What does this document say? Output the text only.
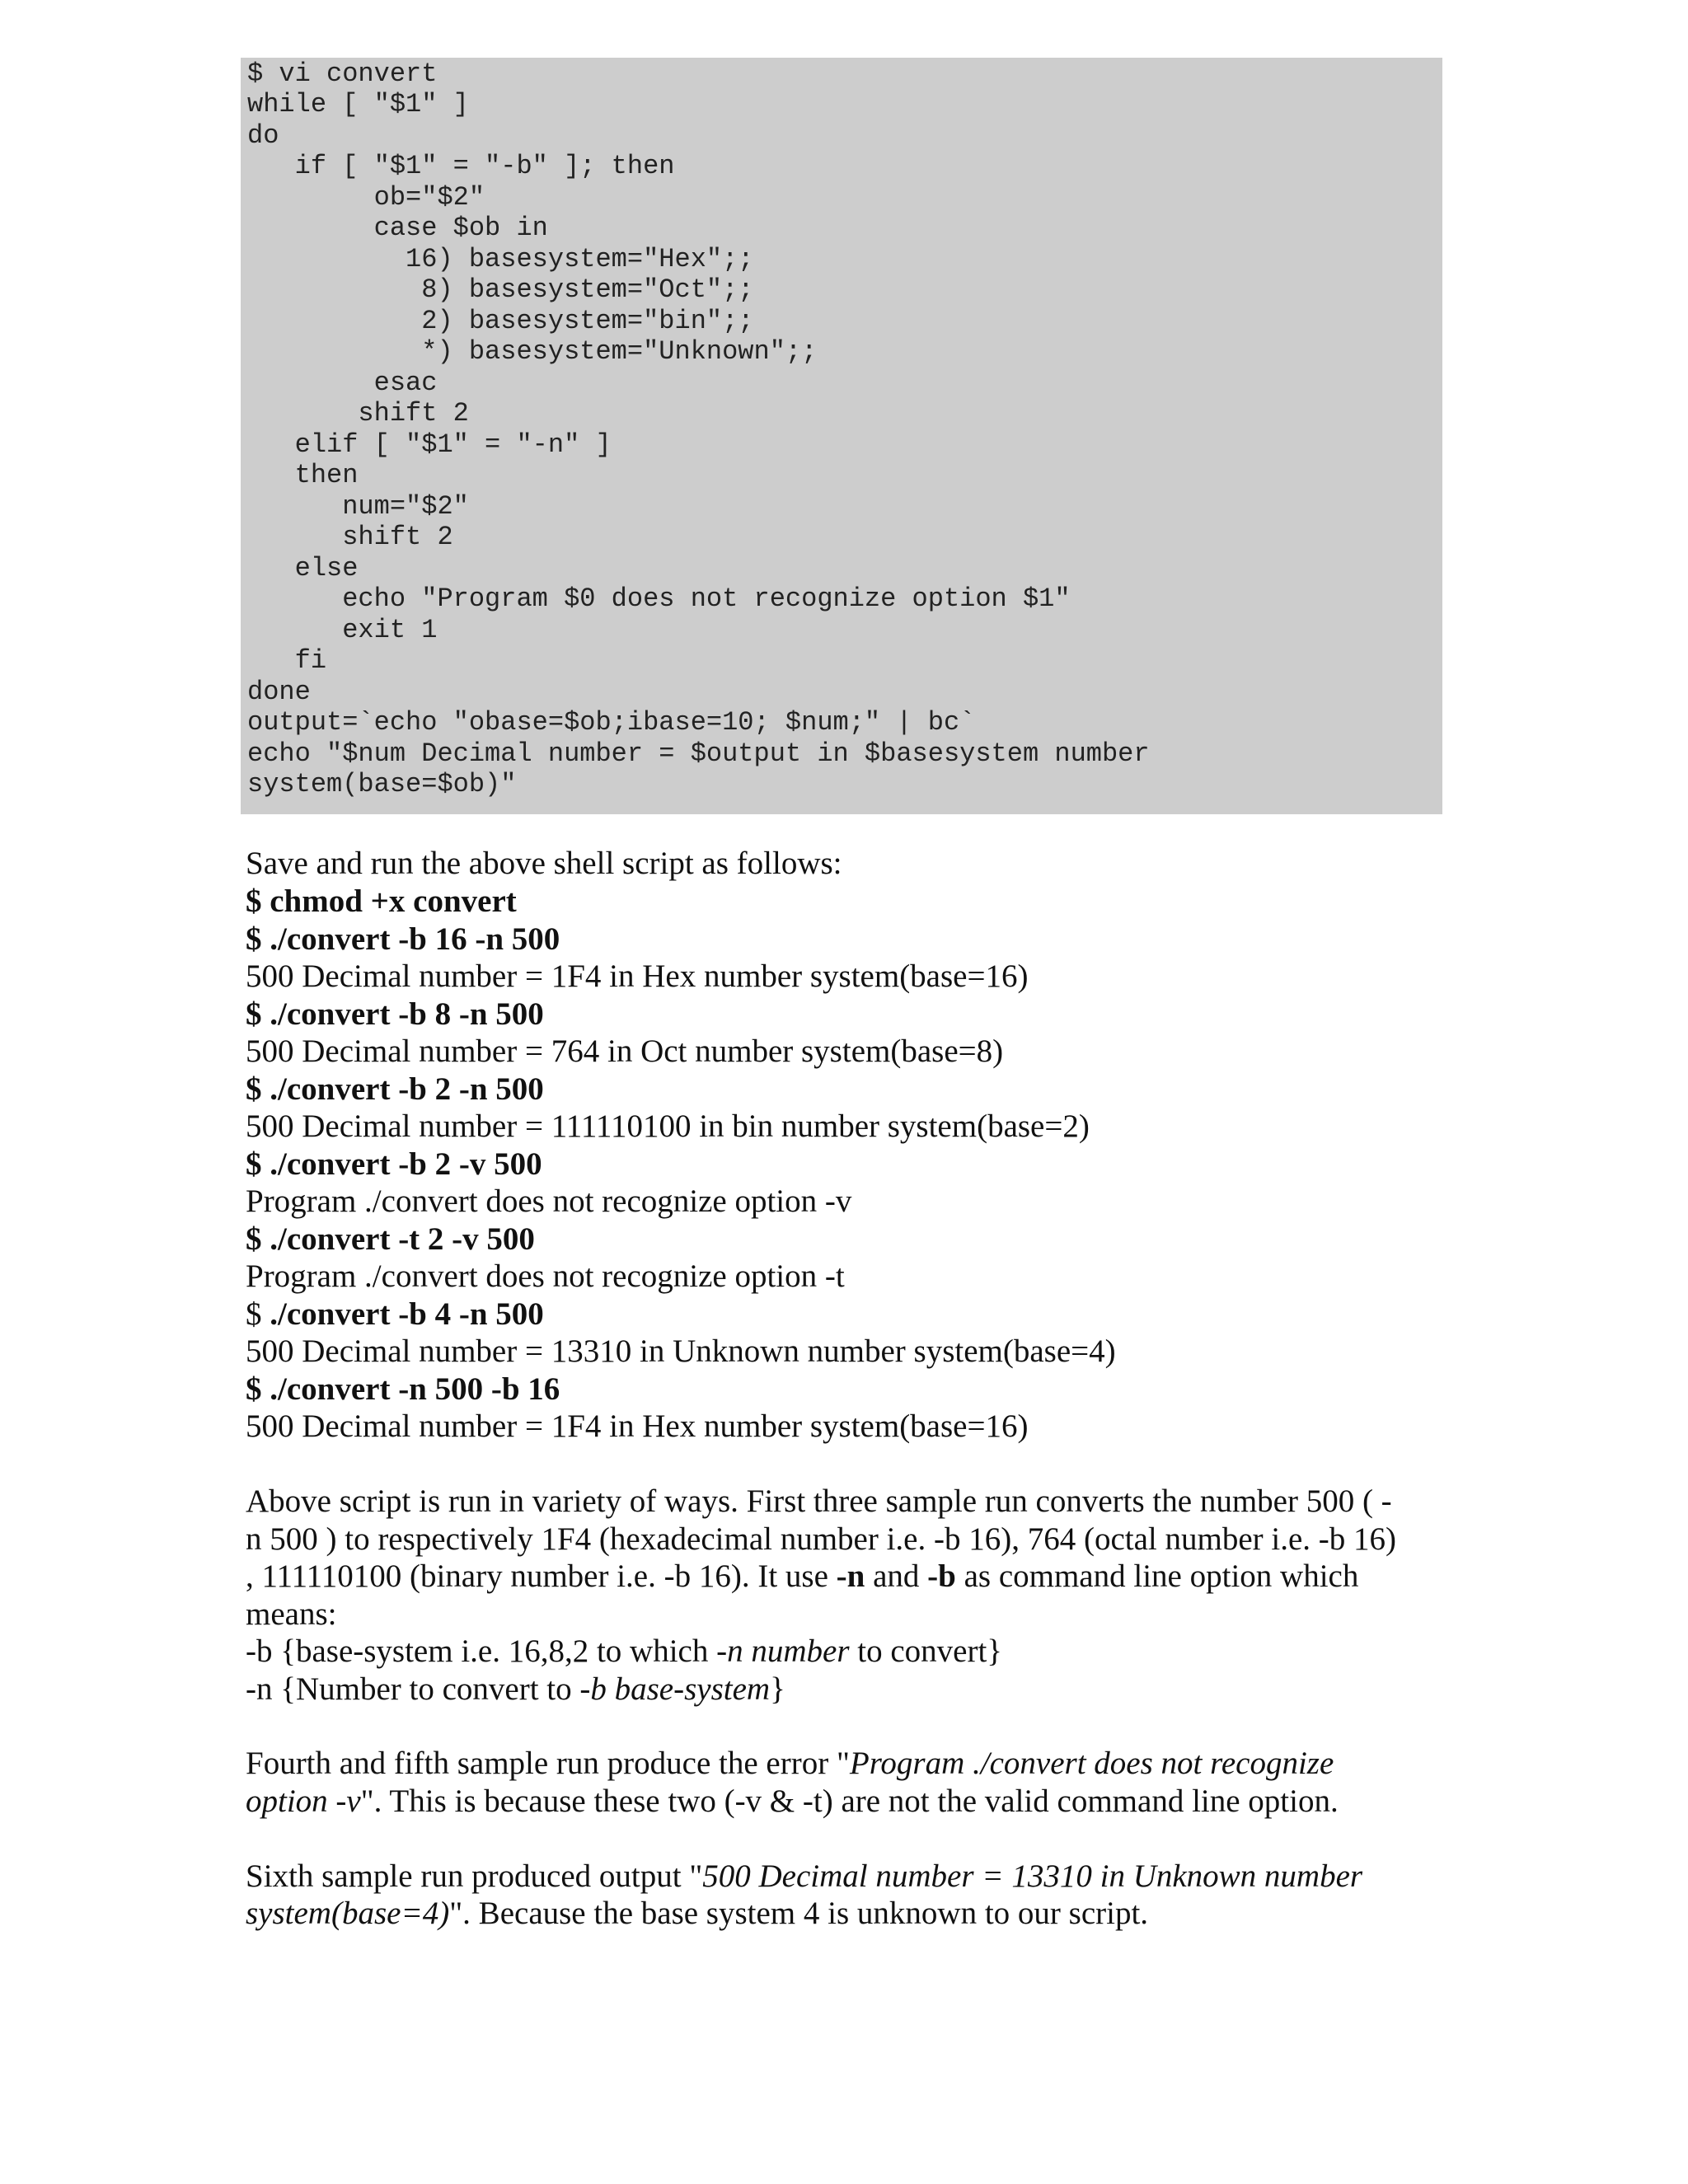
$ vi convert
while [ "$1" ]
do
if [ "$1" = "-b" ]; then
ob="$2"
case $ob in
16) basesystem="Hex";;
8) basesystem="Oct";;
2) basesystem="bin";;
*) basesystem="Unknown";;
esac
shift 2
elif [ "$1" = "-n" ]
then
num="$2"
shift 2
else
echo "Program $0 does not recognize option $1"
exit 1
fi
done
output=`echo "obase=$ob;ibase=10; $num;" | bc`
echo "$num Decimal number = $output in $basesystem number
system(base=$ob)"
Save and run the above shell script as follows:
$ chmod +x convert
$ ./convert -b 16 -n 500
500 Decimal number = 1F4 in Hex number system(base=16)
$ ./convert -b 8 -n 500
500 Decimal number = 764 in Oct number system(base=8)
$ ./convert -b 2 -n 500
500 Decimal number = 111110100 in bin number system(base=2)
$ ./convert -b 2 -v 500
Program ./convert does not recognize option -v
$ ./convert -t 2 -v 500
Program ./convert does not recognize option -t
$ ./convert -b 4 -n 500
500 Decimal number = 13310 in Unknown number system(base=4)
$ ./convert -n 500 -b 16
500 Decimal number = 1F4 in Hex number system(base=16)
Above script is run in variety of ways. First three sample run converts the number 500 ( -
n 500 ) to respectively 1F4 (hexadecimal number i.e. -b 16), 764 (octal number i.e. -b 16)
, 111110100 (binary number i.e. -b 16). It use -n and -b as command line option which
means:
-b {base-system i.e. 16,8,2 to which -n number to convert}
-n {Number to convert to -b base-system}
Fourth and fifth sample run produce the error "Program ./convert does not recognize
option -v". This is because these two (-v & -t) are not the valid command line option.
Sixth sample run produced output "500 Decimal number = 13310 in Unknown number
system(base=4)". Because the base system 4 is unknown to our script.
